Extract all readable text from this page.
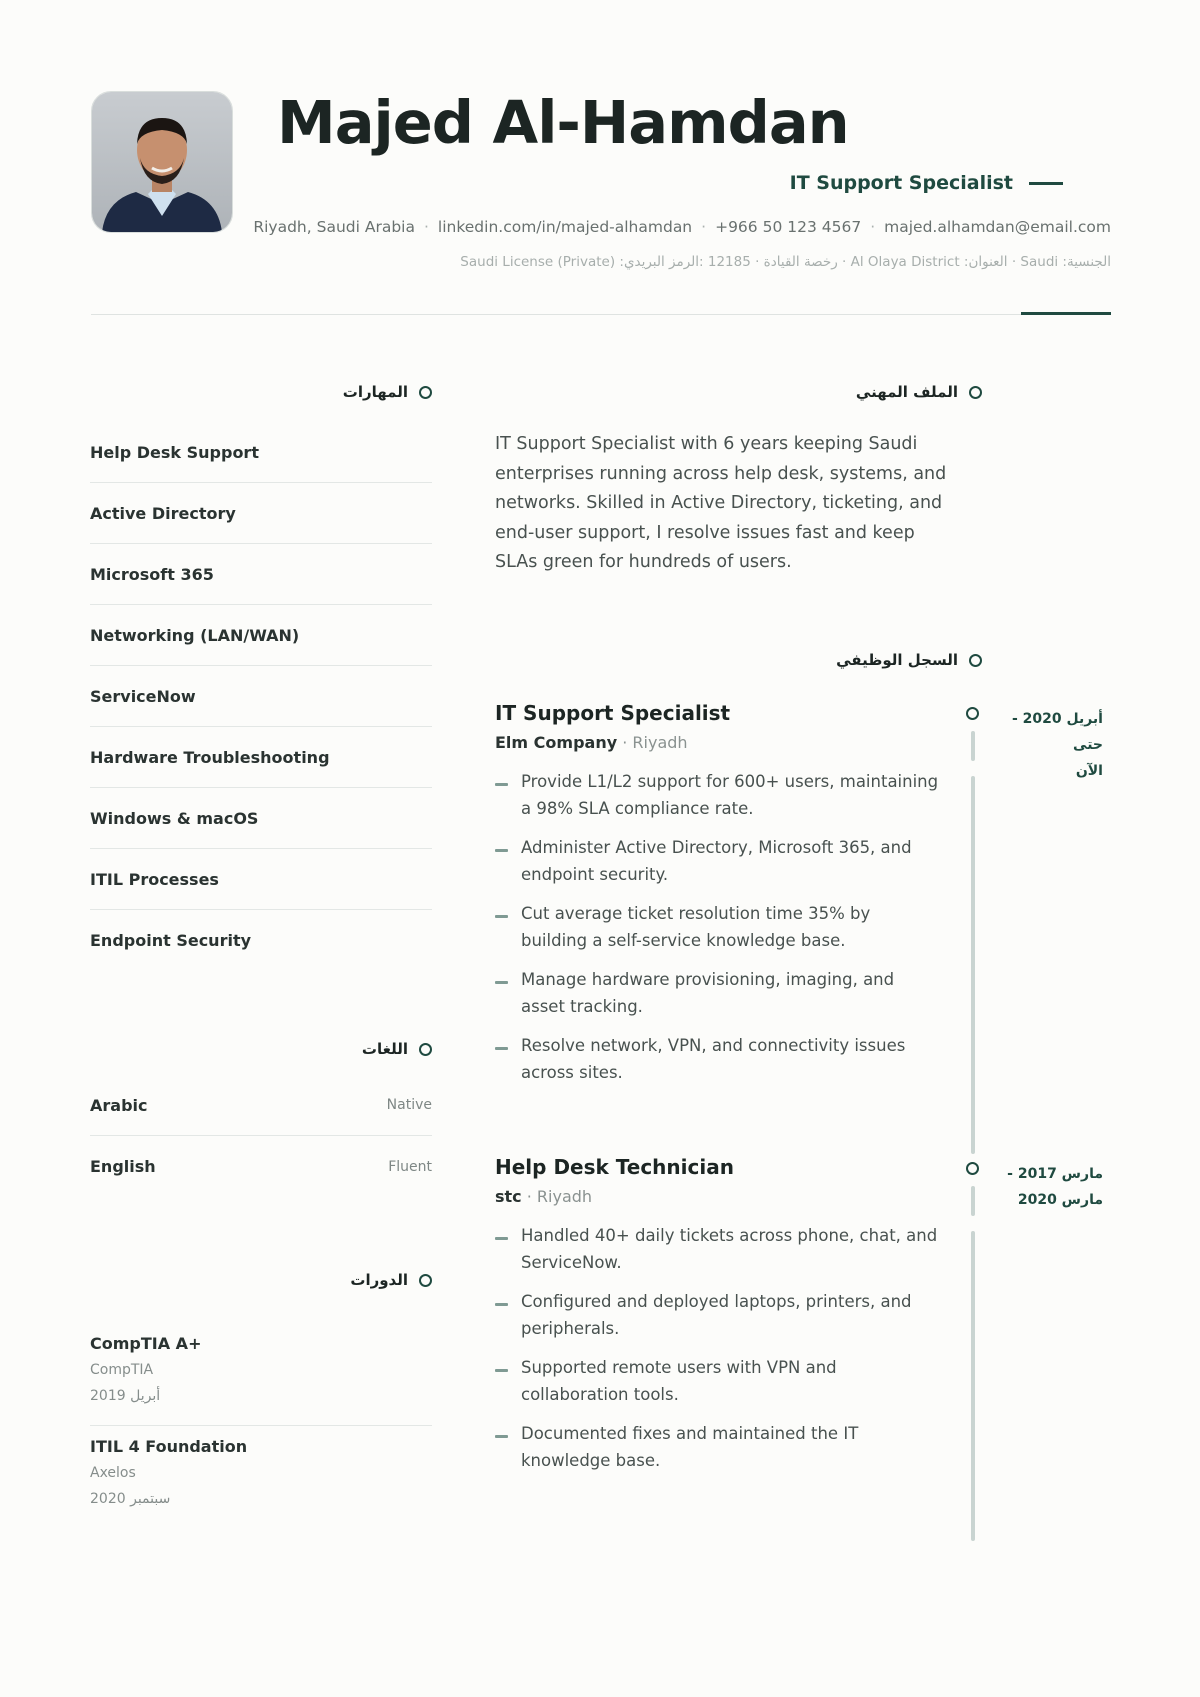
Majed Al-Hamdan
IT Support Specialist
Riyadh, Saudi Arabia · linkedin.com/in/majed-alhamdan · +966 50 123 4567 · majed.alhamdan@email.com
Saudi License (Private) :رخصة القيادة · 12185 :الرمز البريدي · Al Olaya District :العنوان · Saudi :الجنسية
المهارات
Help Desk Support
Active Directory
Microsoft 365
Networking (LAN/WAN)
ServiceNow
Hardware Troubleshooting
Windows & macOS
ITIL Processes
Endpoint Security
اللغات
Arabic	Native
English	Fluent
الدورات
CompTIA A+
CompTIA
أبريل 2019
ITIL 4 Foundation
Axelos
سبتمبر 2020
الملف المهني
IT Support Specialist with 6 years keeping Saudi enterprises running across help desk, systems, and networks. Skilled in Active Directory, ticketing, and end-user support, I resolve issues fast and keep SLAs green for hundreds of users.
السجل الوظيفي
IT Support Specialist
Elm Company · Riyadh
Provide L1/L2 support for 600+ users, maintaining a 98% SLA compliance rate.
Administer Active Directory, Microsoft 365, and endpoint security.
Cut average ticket resolution time 35% by building a self-service knowledge base.
Manage hardware provisioning, imaging, and asset tracking.
Resolve network, VPN, and connectivity issues across sites.
أبريل 2020 - حتى
الآن
Help Desk Technician
stc · Riyadh
Handled 40+ daily tickets across phone, chat, and ServiceNow.
Configured and deployed laptops, printers, and peripherals.
Supported remote users with VPN and collaboration tools.
Documented fixes and maintained the IT knowledge base.
مارس 2017 -
مارس 2020
